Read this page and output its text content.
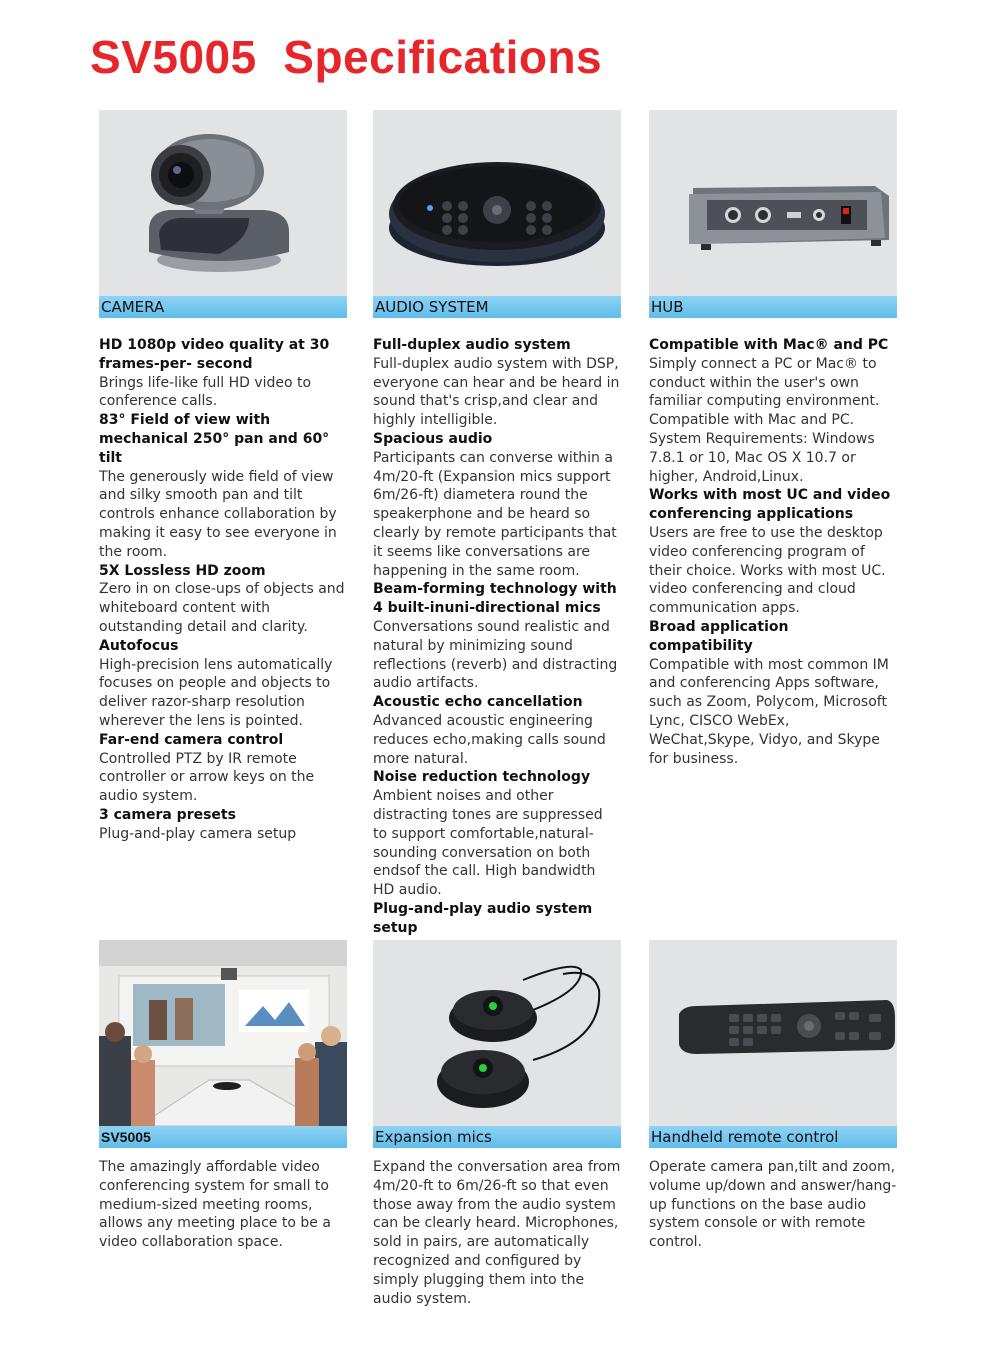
SV5005  Specifications
CAMERA

HD 1080p video quality at 30 frames-per- second

Brings life-like full HD video to conference calls.

83° Field of view with mechanical 250° pan and 60° tilt

The generously wide field of view and silky smooth pan and tilt controls enhance collaboration by making it easy to see everyone in the room.

5X Lossless HD zoom

Zero in on close-ups of objects and whiteboard content with outstanding detail and clarity.

Autofocus

High-precision lens automatically focuses on people and objects to deliver razor-sharp resolution wherever the lens is pointed.

Far-end camera control

Controlled PTZ by IR remote controller or arrow keys on the audio system.

3 camera presets

Plug-and-play camera setup

AUDIO SYSTEM

Full-duplex audio system

Full-duplex audio system with DSP, everyone can hear and be heard in sound that's crisp,and clear and highly intelligible.

Spacious audio

Participants can converse within a 4m/20-ft (Expansion mics support 6m/26-ft) diametera round the speakerphone and be heard so clearly by remote participants that it seems like conversations are happening in the same room.

Beam-forming technology with 4 built-inuni-directional mics

Conversations sound realistic and natural by minimizing sound reflections (reverb) and distracting audio artifacts.

Acoustic echo cancellation

Advanced acoustic engineering reduces echo,making calls sound more natural.

Noise reduction technology

Ambient noises and other distracting tones are suppressed to support comfortable,natural-sounding conversation on both endsof the call. High bandwidth HD audio.

Plug-and-play audio system setup

HUB

Compatible with Mac® and PC

Simply connect a PC or Mac® to conduct within the user's own familiar computing environment.

Compatible with Mac and PC. System Requirements: Windows 7.8.1 or 10, Mac OS X 10.7 or higher, Android,Linux.

Works with most UC and video conferencing applications

Users are free to use the desktop video conferencing program of their choice. Works with most UC. video conferencing and cloud communication apps.

Broad application compatibility

Compatible with most common IM and conferencing Apps software, such as Zoom, Polycom, Microsoft Lync, CISCO WebEx, WeChat,Skype, Vidyo, and Skype for business.

SV5005

The amazingly affordable video conferencing system for small to medium-sized meeting rooms, allows any meeting place to be a video collaboration space.

Expansion mics

Expand the conversation area from 4m/20-ft to 6m/26-ft so that even those away from the audio system can be clearly heard. Microphones, sold in pairs, are automatically recognized and configured by simply plugging them into the audio system.

Handheld remote control

Operate camera pan,tilt and zoom, volume up/down and answer/hang-up functions on the base audio system console or with remote control.
